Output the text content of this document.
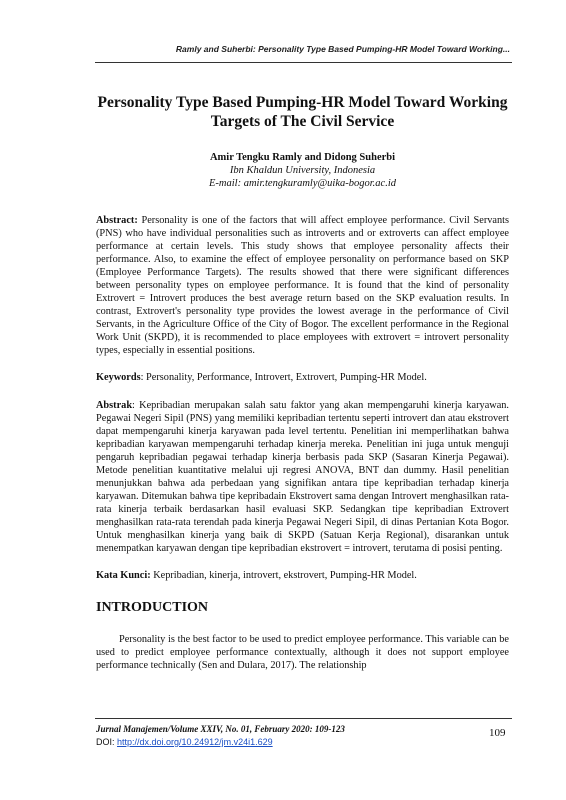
Ramly and Suherbi: Personality Type Based Pumping-HR Model Toward Working...
Personality Type Based Pumping-HR Model Toward Working Targets of The Civil Service
Amir Tengku Ramly and Didong Suherbi
Ibn Khaldun University, Indonesia
E-mail: amir.tengkuramly@uika-bogor.ac.id

Abstract: Personality is one of the factors that will affect employee performance. Civil Servants (PNS) who have individual personalities such as introverts and or extroverts can affect employee performance at certain levels. This study shows that employee personality affects their performance. Also, to examine the effect of employee personality on performance based on SKP (Employee Performance Targets). The results showed that there were significant differences between personality types on employee performance. It is found that the kind of personality Extrovert = Introvert produces the best average return based on the SKP evaluation results. In contrast, Extrovert's personality type provides the lowest average in the performance of Civil Servants, in the Agriculture Office of the City of Bogor. The excellent performance in the Regional Work Unit (SKPD), it is recommended to place employees with extrovert = introvert personality types, especially in essential positions.

Keywords: Personality, Performance, Introvert, Extrovert, Pumping-HR Model.

Abstrak: Kepribadian merupakan salah satu faktor yang akan mempengaruhi kinerja karyawan. Pegawai Negeri Sipil (PNS) yang memiliki kepribadian tertentu seperti introvert dan atau ekstrovert dapat mempengaruhi kinerja karyawan pada level tertentu. Penelitian ini memperlihatkan bahwa kepribadian karyawan mempengaruhi terhadap kinerja mereka. Penelitian ini juga untuk menguji pengaruh kepribadian pegawai terhadap kinerja berbasis pada SKP (Sasaran Kinerja Pegawai). Metode penelitian kuantitative melalui uji regresi ANOVA, BNT dan dummy. Hasil penelitian menunjukkan bahwa ada perbedaan yang signifikan antara tipe kepribadian terhadap kinerja karyawan. Ditemukan bahwa tipe kepribadain Ekstrovert sama dengan Introvert menghasilkan rata-rata kinerja terbaik berdasarkan hasil evaluasi SKP. Sedangkan tipe kepribadian Extrovert menghasilkan rata-rata terendah pada kinerja Pegawai Negeri Sipil, di dinas Pertanian Kota Bogor. Untuk menghasilkan kinerja yang baik di SKPD (Satuan Kerja Regional), disarankan untuk menempatkan karyawan dengan tipe kepribadian ekstrovert = introvert, terutama di posisi penting.

Kata Kunci: Kepribadian, kinerja, introvert, ekstrovert, Pumping-HR Model.

INTRODUCTION

Personality is the best factor to be used to predict employee performance. This variable can be used to predict employee performance contextually, although it does not support employee performance technically (Sen and Dulara, 2017). The relationship

Jurnal Manajemen/Volume XXIV, No. 01, February 2020: 109-123
DOI: http://dx.doi.org/10.24912/jm.v24i1.629
109
